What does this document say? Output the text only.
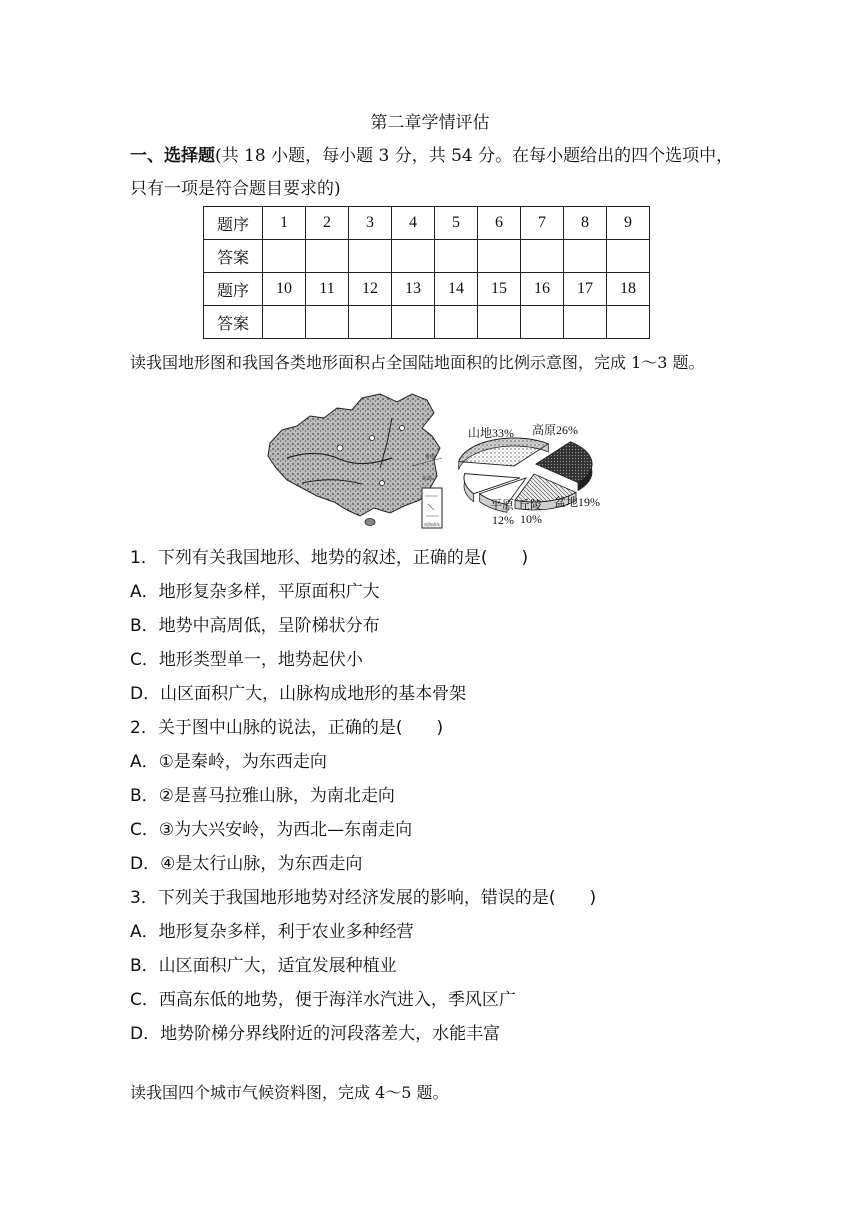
第二章学情评估
一、选择题(共 18 小题，每小题 3 分，共 54 分。在每小题给出的四个选项中，
只有一项是符合题目要求的)
题序	1	2	3	4	5	6	7	8	9
答案									
题序	10	11	12	13	14	15	16	17	18
答案									
读我国地形图和我国各类地形面积占全国陆地面积的比例示意图，完成 1～3 题。
南海诸岛
黄海
东海
山地33% 高原26%
盆地19%
平原
12%
丘陵
10%
1．下列有关我国地形、地势的叙述，正确的是(　　)
A．地形复杂多样，平原面积广大
B．地势中高周低，呈阶梯状分布
C．地形类型单一，地势起伏小
D．山区面积广大，山脉构成地形的基本骨架
2．关于图中山脉的说法，正确的是(　　)
A．①是秦岭，为东西走向
B．②是喜马拉雅山脉，为南北走向
C．③为大兴安岭，为西北—东南走向
D．④是太行山脉，为东西走向
3．下列关于我国地形地势对经济发展的影响，错误的是(　　)
A．地形复杂多样，利于农业多种经营
B．山区面积广大，适宜发展种植业
C．西高东低的地势，便于海洋水汽进入，季风区广
D．地势阶梯分界线附近的河段落差大，水能丰富
读我国四个城市气候资料图，完成 4～5 题。
